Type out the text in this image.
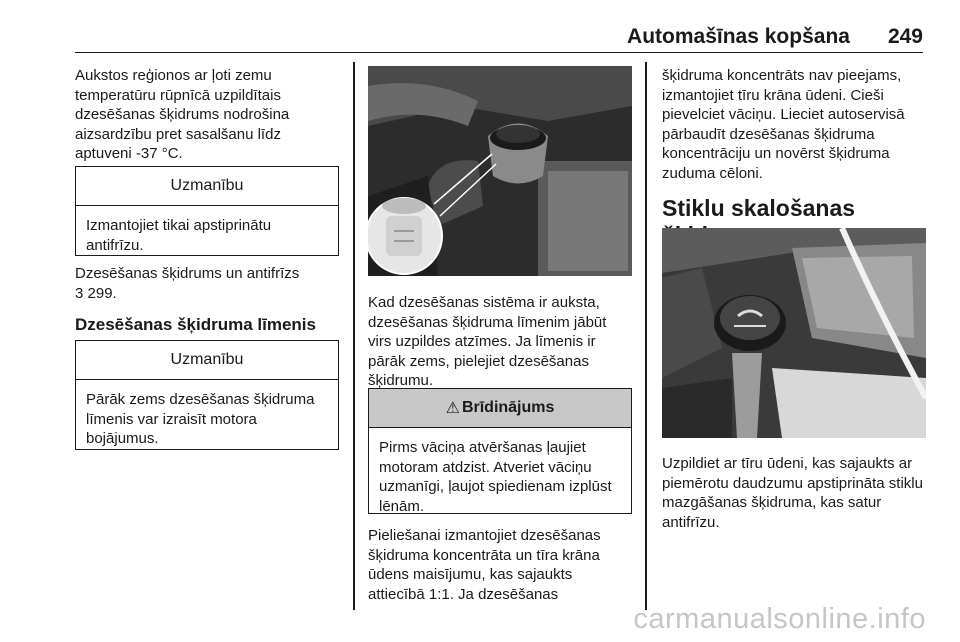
Automašīnas kopšana 249

Aukstos reģionos ar ļoti zemu temperatūru rūpnīcā uzpildītais dzesēšanas šķidrums nodrošina aizsardzību pret sasalšanu līdz aptuveni -37 °C.

Uzmanību
Izmantojiet tikai apstiprinātu antifrīzu.

Dzesēšanas šķidrums un antifrīzs
3 299.

Dzesēšanas šķidruma līmenis

Uzmanību
Pārāk zems dzesēšanas šķidruma līmenis var izraisīt motora bojājumus.

Kad dzesēšanas sistēma ir auksta, dzesēšanas šķidruma līmenim jābūt virs uzpildes atzīmes. Ja līmenis ir pārāk zems, pielejiet dzesēšanas šķidrumu.

⚠ Brīdinājums
Pirms vāciņa atvēršanas ļaujiet motoram atdzist. Atveriet vāciņu uzmanīgi, ļaujot spiedienam izplūst lēnām.

Pieliešanai izmantojiet dzesēšanas šķidruma koncentrāta un tīra krāna ūdens maisījumu, kas sajaukts attiecībā 1:1. Ja dzesēšanas

šķidruma koncentrāts nav pieejams, izmantojiet tīru krāna ūdeni. Cieši pievelciet vāciņu. Lieciet autoservisā pārbaudīt dzesēšanas šķidruma koncentrāciju un novērst šķidruma zuduma cēloni.

Stiklu skalošanas

Uzpildiet ar tīru ūdeni, kas sajaukts ar piemērotu daudzumu apstiprināta stiklu mazgāšanas šķidruma, kas satur antifrīzu.

carmanualsonline.info
